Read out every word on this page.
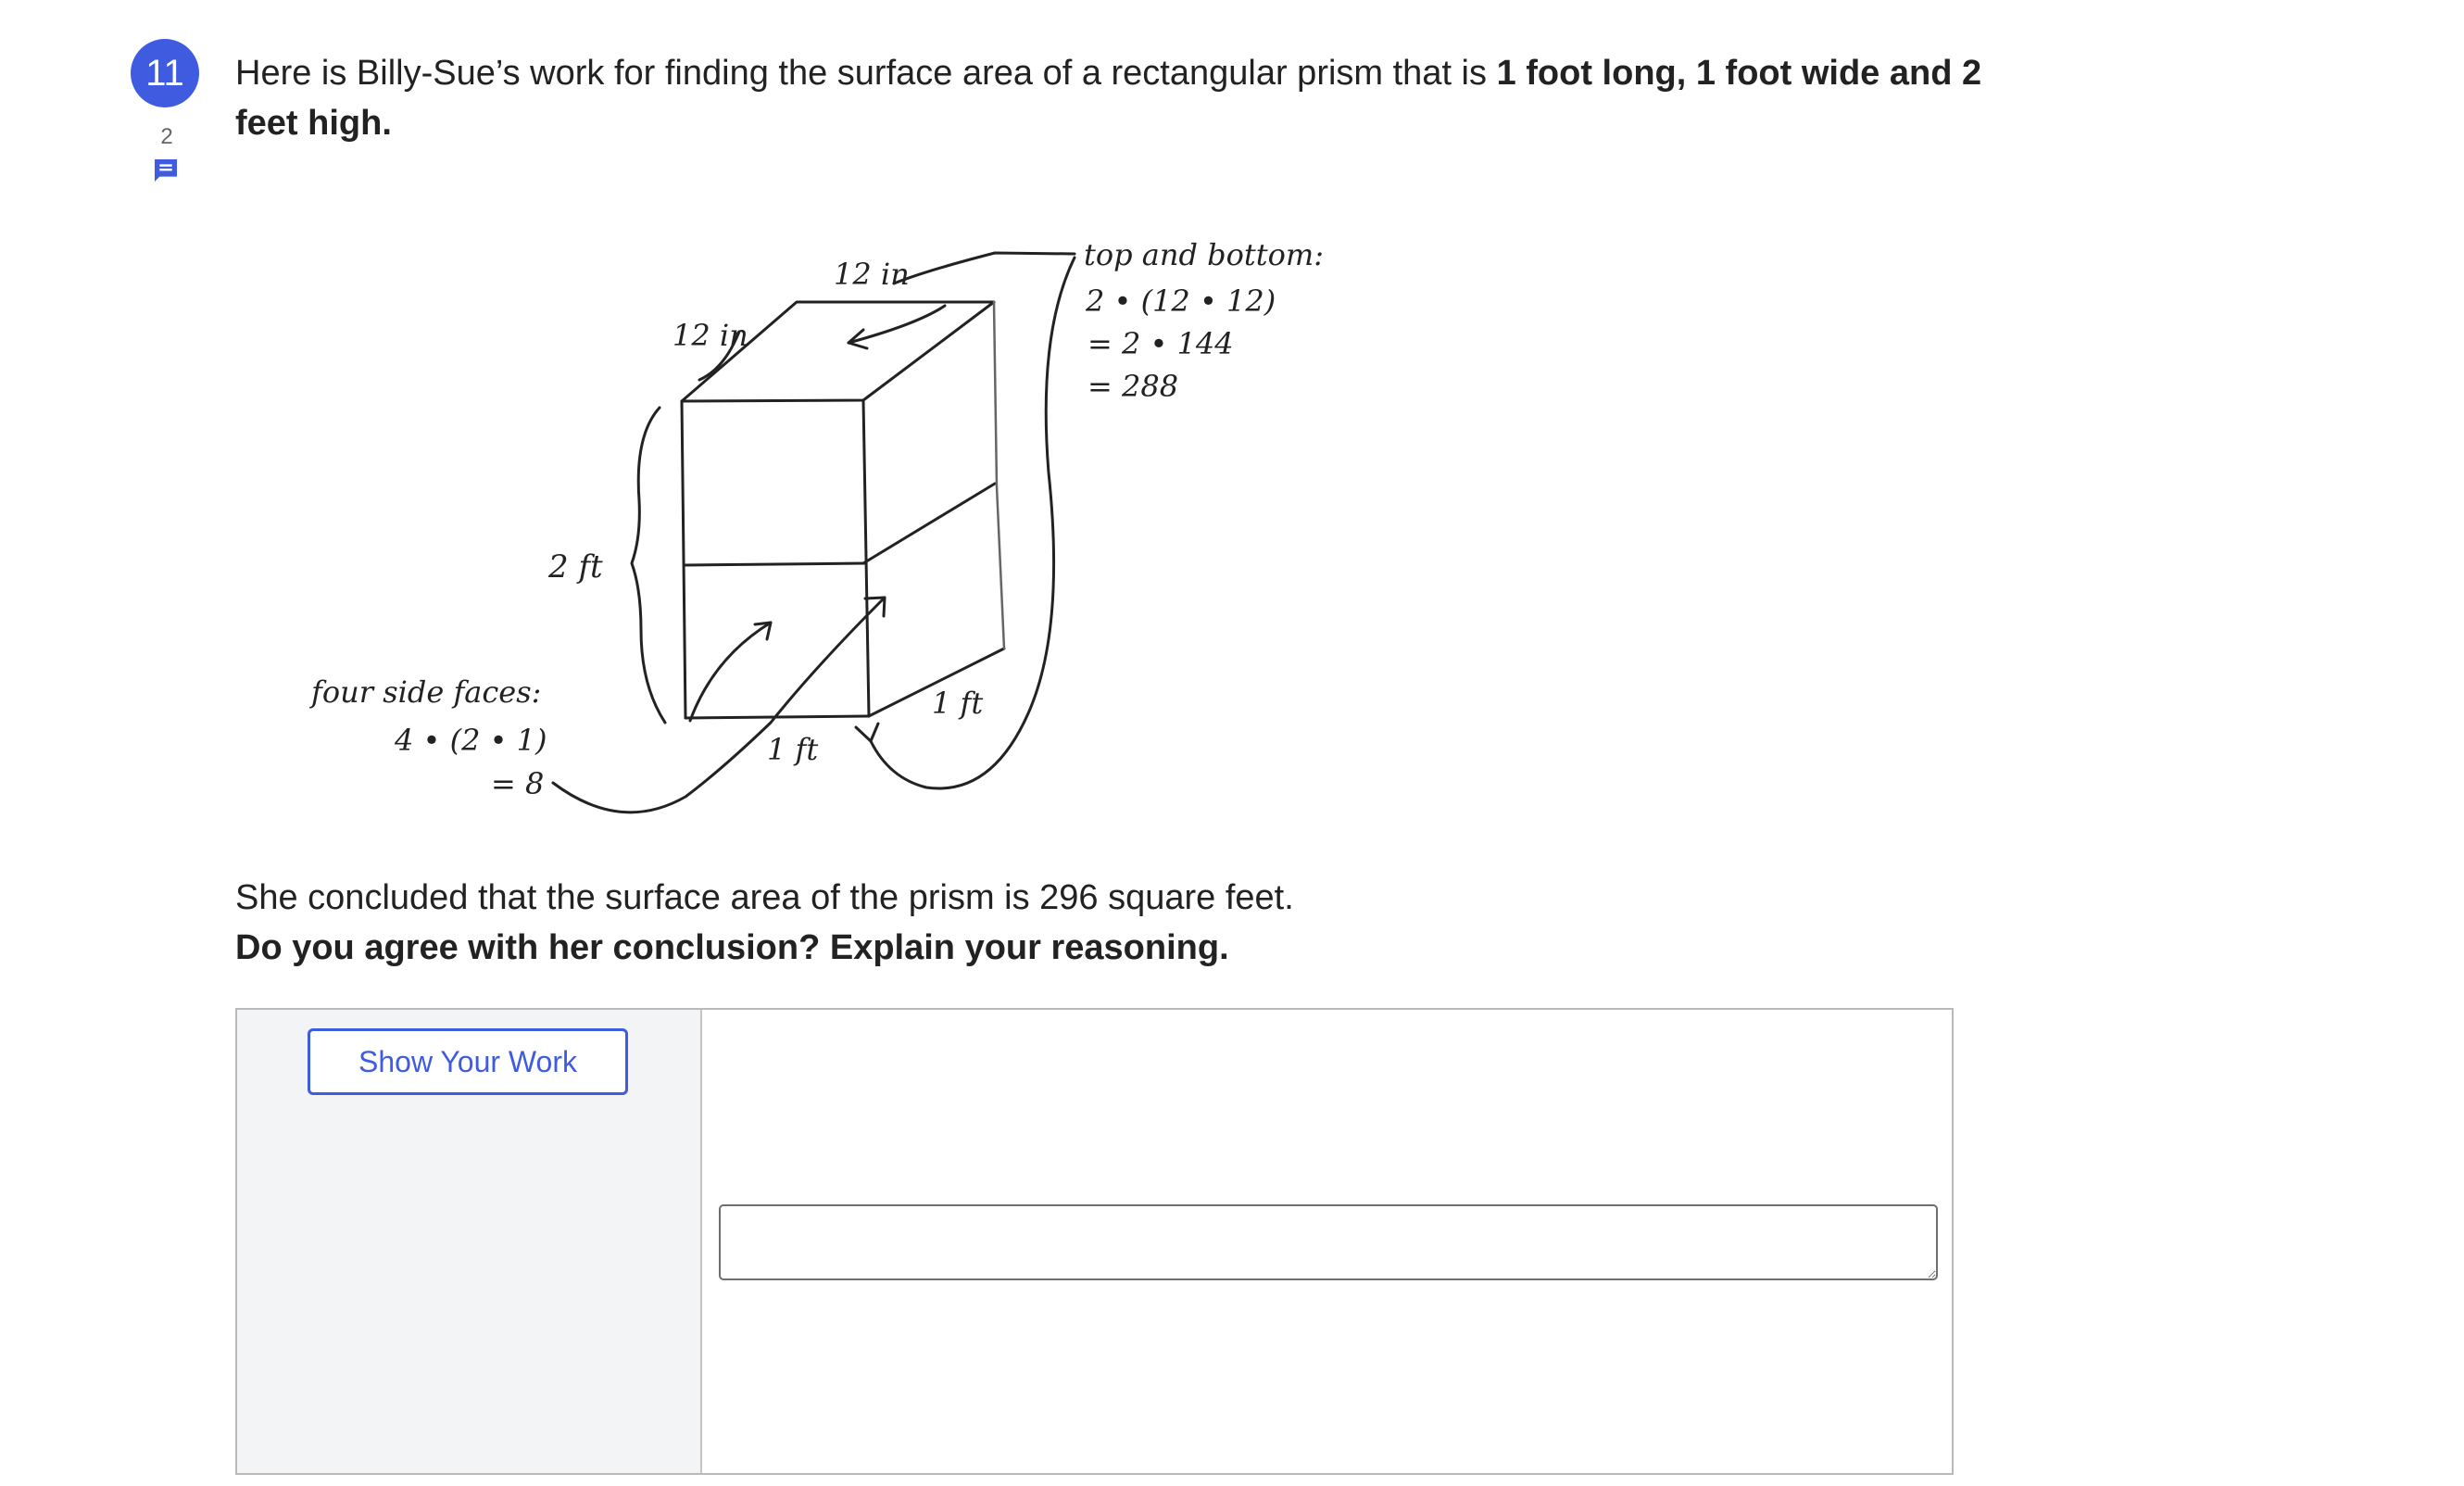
11
2
Here is Billy-Sue’s work for finding the surface area of a rectangular prism that is 1 foot long, 1 foot wide and 2 feet high.
12 in
12 in
2 ft
1 ft
1 ft
top and bottom:
2 • (12 • 12)
= 2 • 144
= 288
four side faces:
4 • (2 • 1)
= 8
She concluded that the surface area of the prism is 296 square feet.
Do you agree with her conclusion? Explain your reasoning.
Show Your Work
